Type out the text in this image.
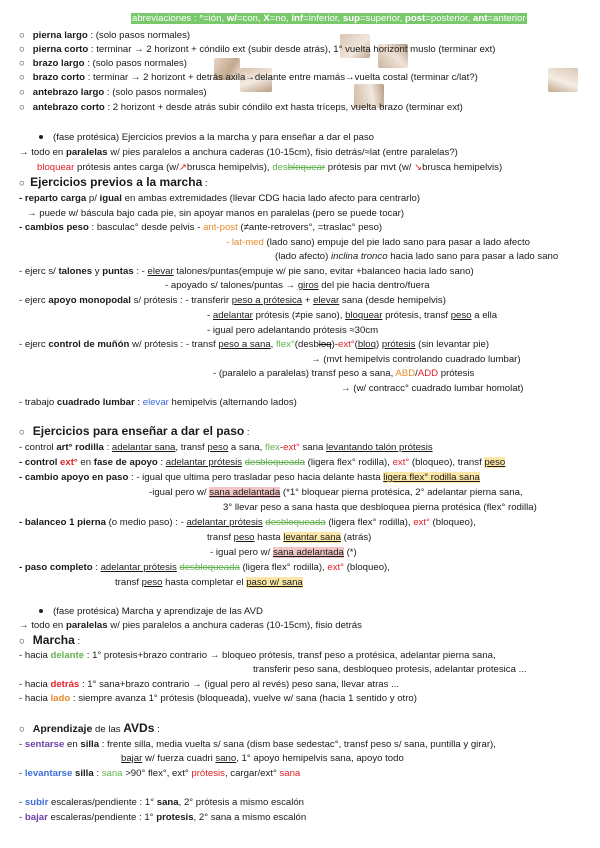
abreviaciones : °=ión, w/=con, X=no, inf=inferior, sup=superior, post=posterior, ant=anterior
○ pierna largo : (solo pasos normales)
○ pierna corto : terminar → 2 horizont + cóndilo ext (subir desde atrás), 1° vuelta horizont muslo (terminar ext)
○ brazo largo : (solo pasos normales)
○ brazo corto : terminar → 2 horizont + detrás axila→delante entre mamás→vuelta costal (terminar c/lat?)
○ antebrazo largo : (solo pasos normales)
○ antebrazo corto : 2 horizont + desde atrás subir cóndilo ext hasta tríceps, vuelta brazo (terminar ext)
(fase protésica) Ejercicios previos a la marcha y para enseñar a dar el paso
→ todo en paralelas w/ pies paralelos a anchura caderas (10-15cm), fisio detrás/≈lat (entre paralelas?)
bloquear prótesis antes carga (w/↗brusca hemipelvis), desbloquear prótesis par mvt (w/ ↘brusca hemipelvis)
○ Ejercicios previos a la marcha :
- reparto carga p/ igual en ambas extremidades (llevar CDG hacia lado afecto para centrarlo)
→ puede w/ báscula bajo cada pie, sin apoyar manos en paralelas (pero se puede tocar)
- cambios peso : basculac° desde pelvis - ant-post (≠ante-retrovers°, =traslac° peso)
- lat-med (lado sano) empuje del pie lado sano para pasar a lado afecto
(lado afecto) inclina tronco hacia lado sano para pasar a lado sano
- ejerc s/ talones y puntas : - elevar talones/puntas(empuje w/ pie sano, evitar +balanceo hacia lado sano)
- apoyado s/ talones/puntas → giros del pie hacia dentro/fuera
- ejerc apoyo monopodal s/ prótesis : - transferir peso a prótesica + elevar sana (desde hemipelvis)
- adelantar prótesis (≠pie sano), bloquear prótesis, transf peso a ella
- igual pero adelantando prótesis ≈30cm
- ejerc control de muñón w/ prótesis : - transf peso a sana, flex°(desbloq)-ext°(bloq) prótesis (sin levantar pie)
→ (mvt hemipelvis controlando cuadrado lumbar)
- (paralelo a paralelas) transf peso a sana, ABD/ADD prótesis
→ (w/ contracc° cuadrado lumbar homolat)
- trabajo cuadrado lumbar : elevar hemipelvis (alternando lados)
○ Ejercicios para enseñar a dar el paso :
- control art° rodilla : adelantar sana, transf peso a sana, flex-ext° sana levantando talón prótesis
- control ext° en fase de apoyo : adelantar prótesis desbloqueada (ligera flex° rodilla), ext° (bloqueo), transf peso
- cambio apoyo en paso : - igual que ultima pero trasladar peso hacia delante hasta ligera flex° rodilla sana
-igual pero w/ sana adelantada (*1° bloquear pierna protésica, 2° adelantar pierna sana,
3° llevar peso a sana hasta que desbloquea pierna protésica (flex° rodilla)
- balanceo 1 pierna (o medio paso) : - adelantar prótesis desbloqueada (ligera flex° rodilla), ext° (bloqueo),
transf peso hasta levantar sana (atrás)
- igual pero w/ sana adelantada (*)
- paso completo : adelantar prótesis desbloqueada (ligera flex° rodilla), ext° (bloqueo),
transf peso hasta completar el paso w/ sana
(fase protésica) Marcha y aprendizaje de las AVD
→ todo en paralelas w/ pies paralelos a anchura caderas (10-15cm), fisio detrás
○ Marcha :
- hacia delante : 1° protesis+brazo contrario → bloqueo prótesis, transf peso a protésica, adelantar pierna sana,
transferir peso sana, desbloqueo protesis, adelantar protesica ...
- hacia detrás : 1° sana+brazo contrario → (igual pero al revés) peso sana, llevar atras ...
- hacia lado : siempre avanza 1° prótesis (bloqueada), vuelve w/ sana (hacia 1 sentido y otro)
○ Aprendizaje de las AVDs :
- sentarse en silla : frente silla, media vuelta s/ sana (dism base sedestac°, transf peso s/ sana, puntilla y girar),
bajar w/ fuerza cuadri sano, 1° apoyo hemipelvis sana, apoyo todo
- levantarse silla : sana >90° flex°, ext° prótesis, cargar/ext° sana
- subir escaleras/pendiente : 1° sana, 2° prótesis a mismo escalón
- bajar escaleras/pendiente : 1° protesis, 2° sana a mismo escalón
